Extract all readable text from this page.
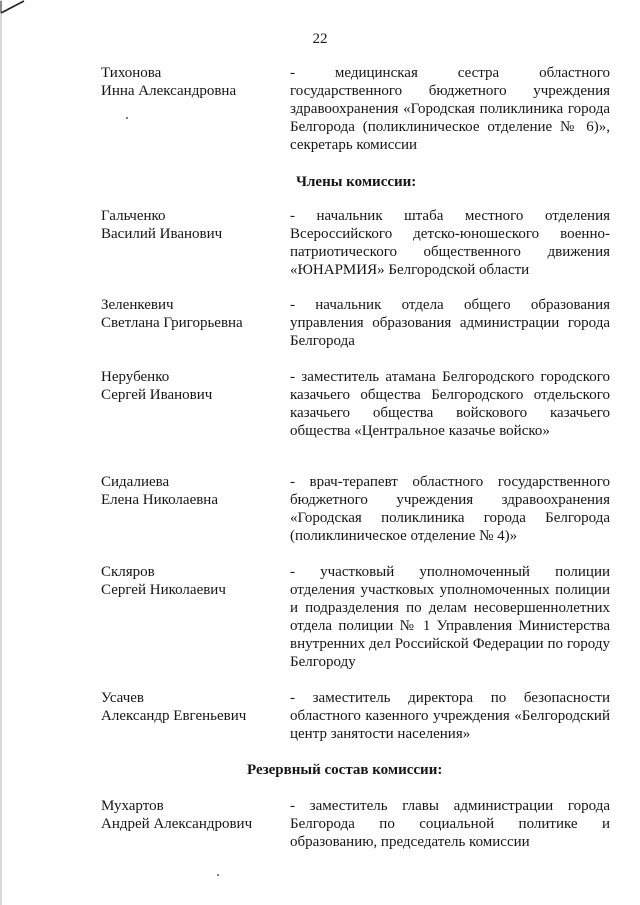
22
Тихонова
Инна Александровна
- медицинская сестра областного государственного бюджетного учреждения здравоохранения «Городская поликлиника города Белгорода (поликлиническое отделение № 6)», секретарь комиссии
Члены комиссии:
Гальченко
Василий Иванович
- начальник штаба местного отделения Всероссийского детско-юношеского военно-патриотического общественного движения «ЮНАРМИЯ» Белгородской области
Зеленкевич
Светлана Григорьевна
- начальник отдела общего образования управления образования администрации города Белгорода
Нерубенко
Сергей Иванович
- заместитель атамана Белгородского городского казачьего общества Белгородского отдельского казачьего общества войскового казачьего общества «Центральное казачье войско»
Сидалиева
Елена Николаевна
- врач-терапевт областного государственного бюджетного учреждения здравоохранения «Городская поликлиника города Белгорода (поликлиническое отделение № 4)»
Скляров
Сергей Николаевич
- участковый уполномоченный полиции отделения участковых уполномоченных полиции и подразделения по делам несовершеннолетних отдела полиции № 1 Управления Министерства внутренних дел Российской Федерации по городу Белгороду
Усачев
Александр Евгеньевич
- заместитель директора по безопасности областного казенного учреждения «Белгородский центр занятости населения»
Резервный состав комиссии:
Мухартов
Андрей Александрович
- заместитель главы администрации города Белгорода по социальной политике и образованию, председатель комиссии
